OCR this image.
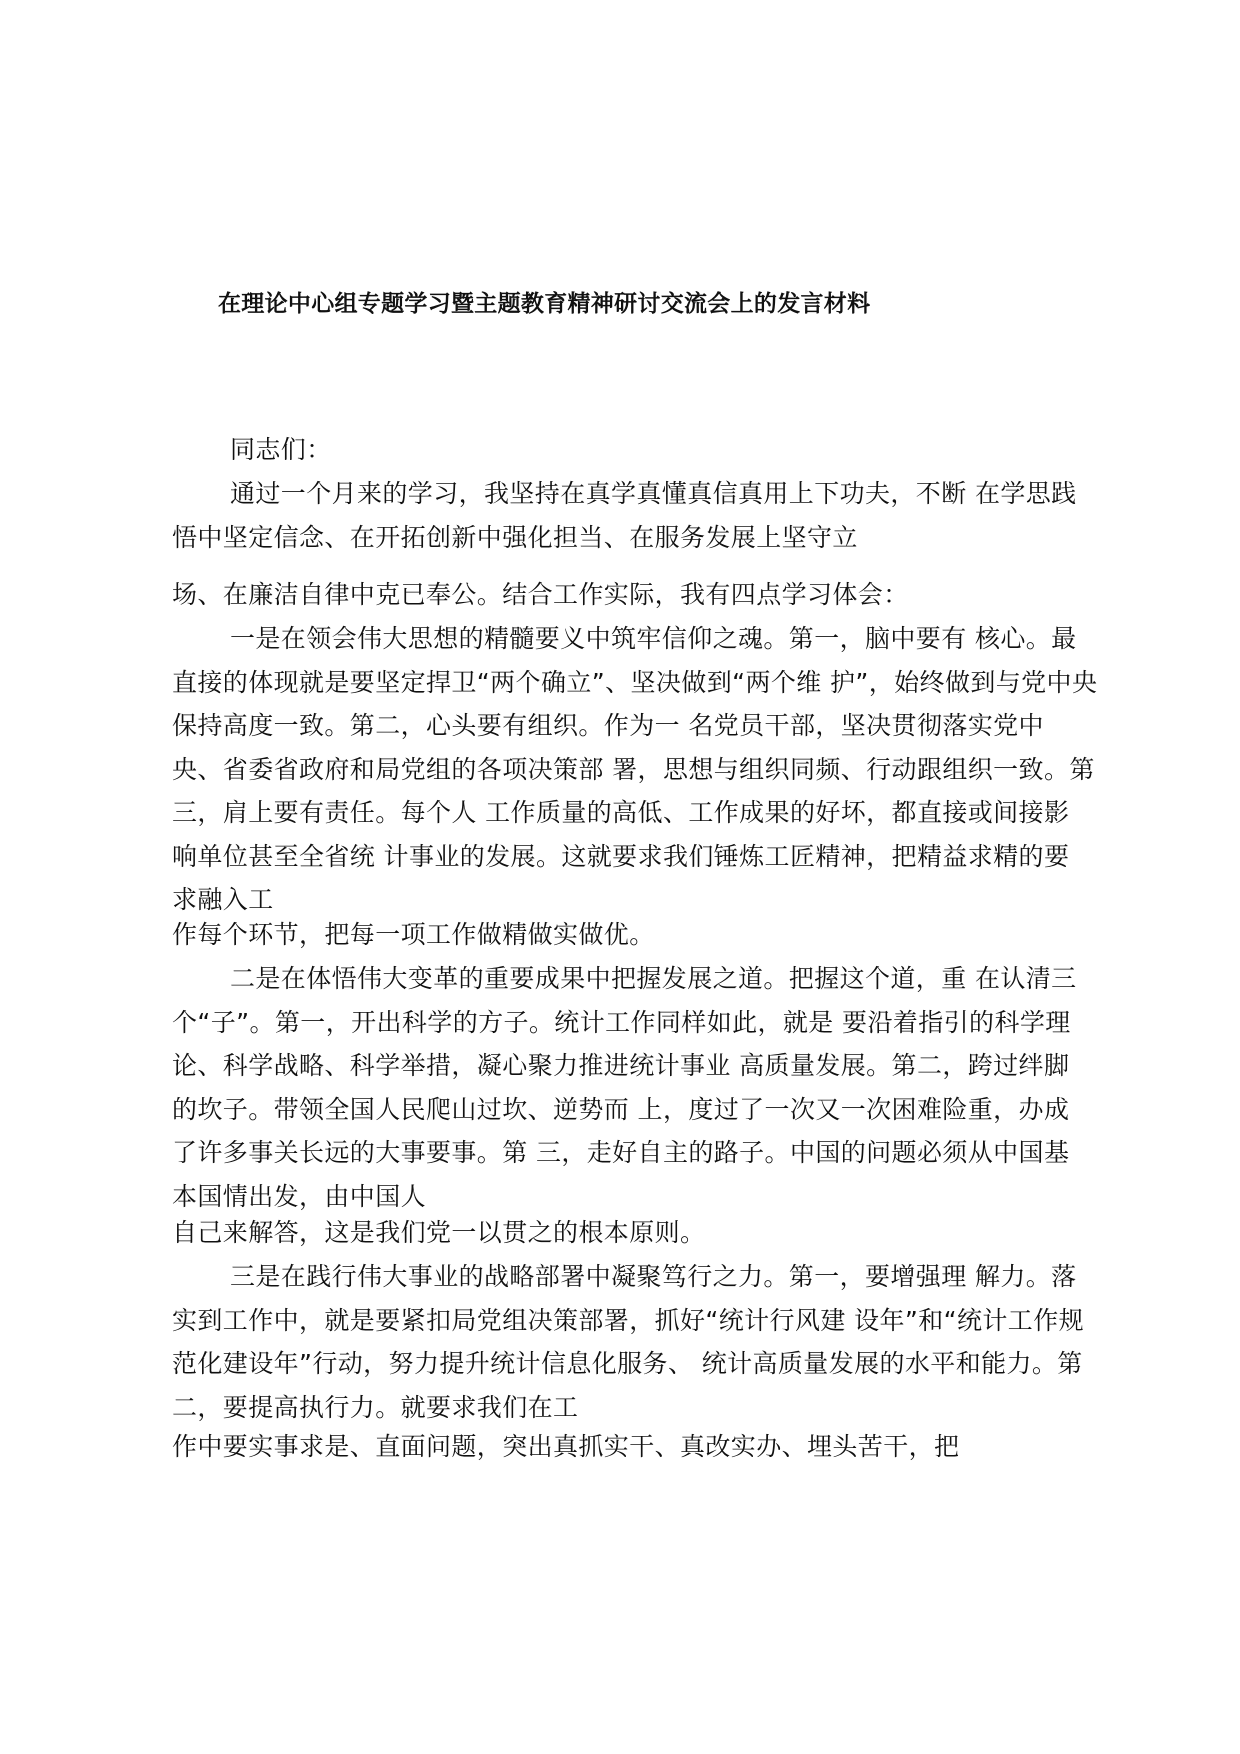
在理论中心组专题学习暨主题教育精神研讨交流会上的发言材料
同志们：
通过一个月来的学习，我坚持在真学真懂真信真用上下功夫，不断 在学思践
悟中坚定信念、在开拓创新中强化担当、在服务发展上坚守立
场、在廉洁自律中克已奉公。结合工作实际，我有四点学习体会：
一是在领会伟大思想的精髓要义中筑牢信仰之魂。第一，脑中要有 核心。最
直接的体现就是要坚定捍卫“两个确立”、坚决做到“两个维 护”，始终做到与党中央
保持高度一致。第二，心头要有组织。作为一 名党员干部，坚决贯彻落实党中
央、省委省政府和局党组的各项决策部 署，思想与组织同频、行动跟组织一致。第
三，肩上要有责任。每个人 工作质量的高低、工作成果的好坏，都直接或间接影
响单位甚至全省统 计事业的发展。这就要求我们锤炼工匠精神，把精益求精的要
求融入工
作每个环节，把每一项工作做精做实做优。
二是在体悟伟大变革的重要成果中把握发展之道。把握这个道，重 在认清三
个“子”。第一，开出科学的方子。统计工作同样如此，就是 要沿着指引的科学理
论、科学战略、科学举措，凝心聚力推进统计事业 高质量发展。第二，跨过绊脚
的坎子。带领全国人民爬山过坎、逆势而 上，度过了一次又一次困难险重，办成
了许多事关长远的大事要事。第 三，走好自主的路子。中国的问题必须从中国基
本国情出发，由中国人
自己来解答，这是我们党一以贯之的根本原则。
三是在践行伟大事业的战略部署中凝聚笃行之力。第一，要增强理 解力。落
实到工作中，就是要紧扣局党组决策部署，抓好“统计行风建 设年”和“统计工作规
范化建设年”行动，努力提升统计信息化服务、 统计高质量发展的水平和能力。第
二，要提高执行力。就要求我们在工
作中要实事求是、直面问题，突出真抓实干、真改实办、埋头苦干，把
